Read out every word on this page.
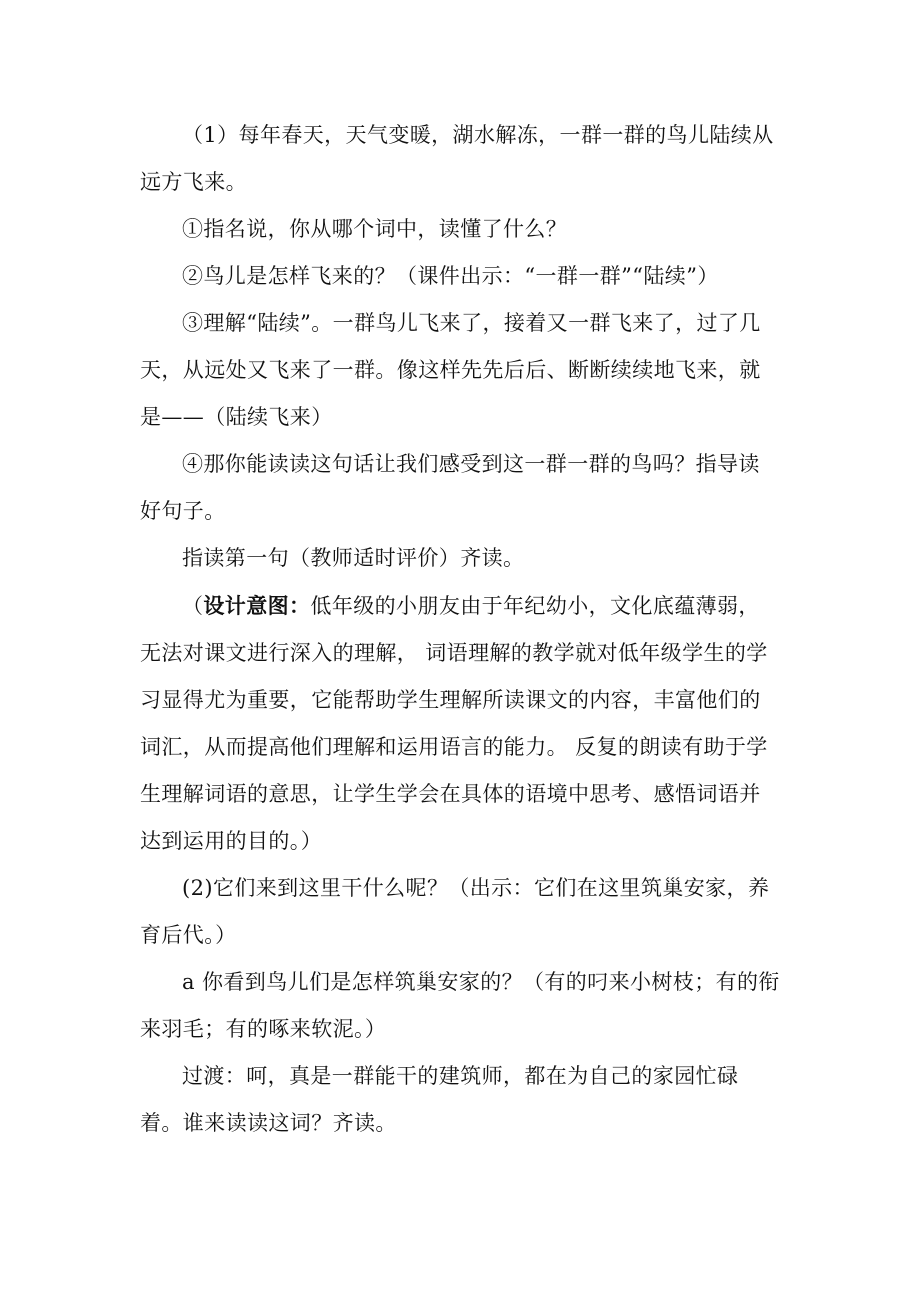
（1）每年春天，天气变暖，湖水解冻，一群一群的鸟儿陆续从远方飞来。

①指名说，你从哪个词中，读懂了什么？

②鸟儿是怎样飞来的？（课件出示：“一群一群”“陆续”）

③理解“陆续”。一群鸟儿飞来了，接着又一群飞来了，过了几天，从远处又飞来了一群。像这样先先后后、断断续续地飞来，就是——（陆续飞来）

④那你能读读这句话让我们感受到这一群一群的鸟吗？指导读好句子。

指读第一句（教师适时评价）齐读。

（设计意图：低年级的小朋友由于年纪幼小，文化底蕴薄弱，无法对课文进行深入的理解， 词语理解的教学就对低年级学生的学习显得尤为重要，它能帮助学生理解所读课文的内容，丰富他们的词汇，从而提高他们理解和运用语言的能力。 反复的朗读有助于学生理解词语的意思，让学生学会在具体的语境中思考、感悟词语并达到运用的目的。）

(2)它们来到这里干什么呢？（出示：它们在这里筑巢安家，养育后代。）

a 你看到鸟儿们是怎样筑巢安家的？（有的叼来小树枝；有的衔来羽毛；有的啄来软泥。）

过渡：呵，真是一群能干的建筑师，都在为自己的家园忙碌着。谁来读读这词？齐读。
